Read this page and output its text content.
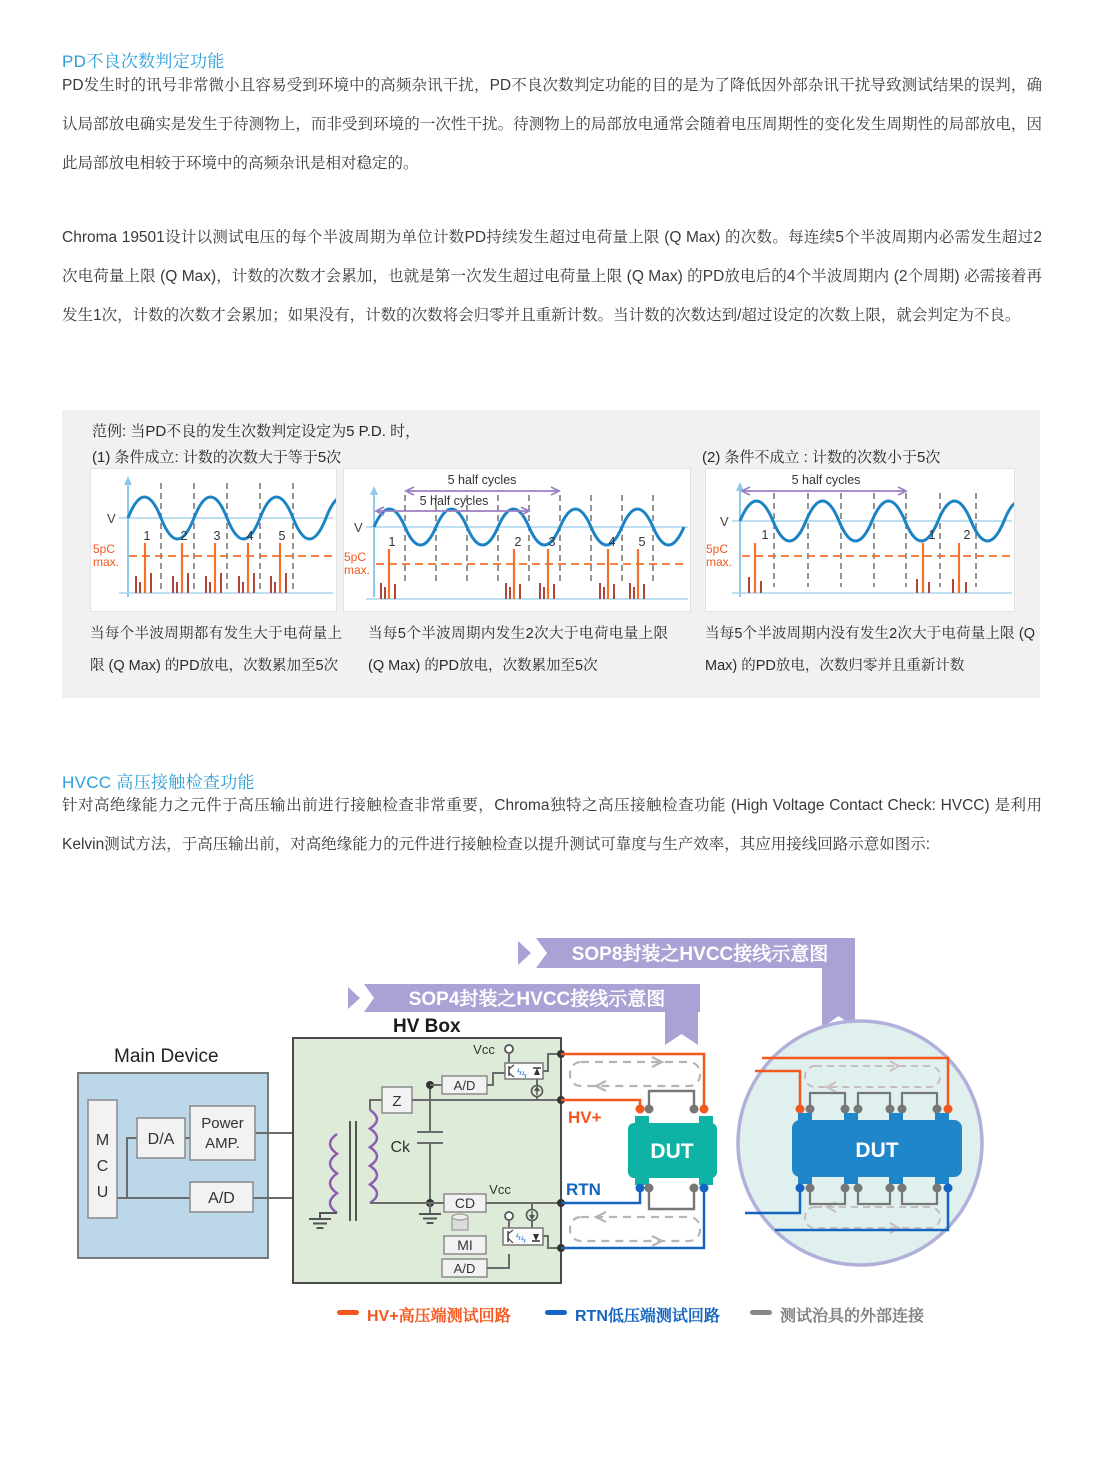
PD不良次数判定功能

PD发生时的讯号非常微小且容易受到环境中的高频杂讯干扰，PD不良次数判定功能的目的是为了降低因外部杂讯干扰导致测试结果的误判，确认局部放电确实是发生于待测物上，而非受到环境的一次性干扰。待测物上的局部放电通常会随着电压周期性的变化发生周期性的局部放电，因此局部放电相较于环境中的高频杂讯是相对稳定的。

Chroma 19501设计以测试电压的每个半波周期为单位计数PD持续发生超过电荷量上限 (Q Max) 的次数。每连续5个半波周期内必需发生超过2次电荷量上限 (Q Max)，计数的次数才会累加，也就是第一次发生超过电荷量上限 (Q Max) 的PD放电后的4个半波周期内 (2个周期) 必需接着再发生1次，计数的次数才会累加；如果没有，计数的次数将会归零并且重新计数。当计数的次数达到/超过设定的次数上限，就会判定为不良。

范例: 当PD不良的发生次数判定设定为5 P.D. 时，
(1) 条件成立: 计数的次数大于等于5次	(2) 条件不成立 : 计数的次数小于5次
V
5pC
max.
1 2 3 4 5
V
5 half cycles
5 half cycles
5pC
max.
1	2 3	4 5
V
5 half cycles
5pC
max.
1	1 2
当每个半波周期都有发生大于电荷量上限 (Q Max) 的PD放电，次数累加至5次
当每5个半波周期内发生2次大于电荷电量上限 (Q Max) 的PD放电，次数累加至5次
当每5个半波周期内没有发生2次大于电荷量上限 (Q Max) 的PD放电，次数归零并且重新计数
HVCC 高压接触检查功能

针对高绝缘能力之元件于高压输出前进行接触检查非常重要，Chroma独特之高压接触检查功能 (High Voltage Contact Check: HVCC) 是利用Kelvin测试方法，于高压输出前，对高绝缘能力的元件进行接触检查以提升测试可靠度与生产效率，其应用接线回路示意如图示:

SOP8封装之HVCC接线示意图
SOP4封装之HVCC接线示意图
HV Box
Main Device
M
C
U
D/A
Power
AMP.
A/D
Z
Ck
A/D
Vcc
ϟ ϟ
CD
MI
A/D
Vcc
ϟ ϟ
HV+
DUT
RTN
DUT
HV+高压端测试回路	RTN低压端测试回路	测试治具的外部连接
